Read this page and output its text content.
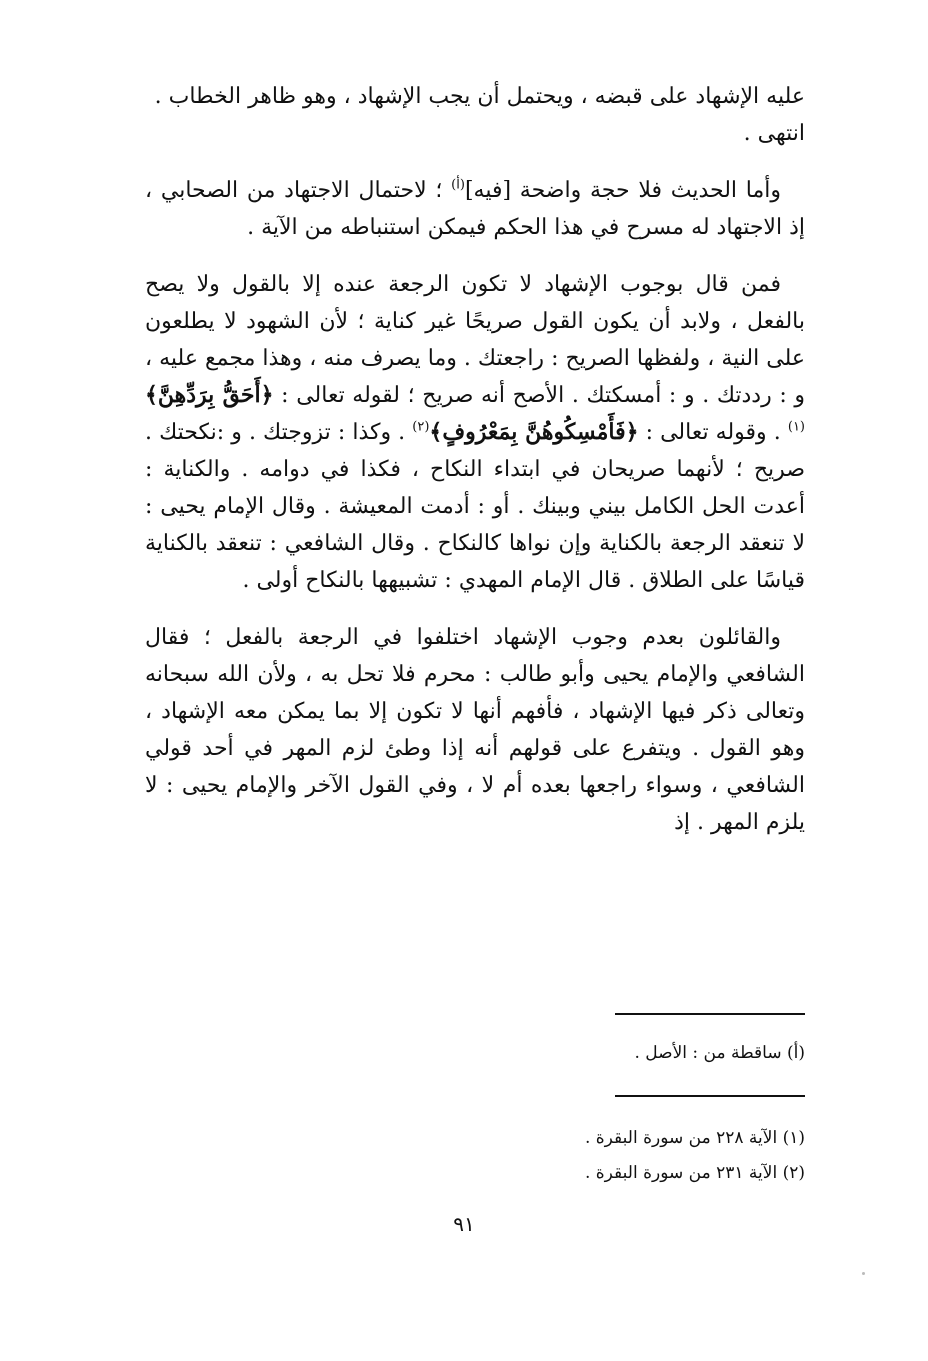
عليه الإشهاد على قبضه ، ويحتمل أن يجب الإشهاد ، وهو ظاهر الخطاب .
انتهى .

وأما الحديث فلا حجة واضحة [فيه]$^{(أ)}$ ؛ لاحتمال الاجتهاد من الصحابي ، إذ الاجتهاد له مسرح في هذا الحكم فيمكن استنباطه من الآية .

فمن قال بوجوب الإشهاد لا تكون الرجعة عنده إلا بالقول ولا يصح بالفعل ، ولابد أن يكون القول صريحًا غير كناية ؛ لأن الشهود لا يطلعون على النية ، ولفظها الصريح : راجعتك . وما يصرف منه ، وهذا مجمع عليه ، و : رددتك . و : أمسكتك . الأصح أنه صريح ؛ لقوله تعالى : ﴿أَحَقُّ بِرَدِّهِنَّ﴾$^{(١)}$ . وقوله تعالى : ﴿فَأَمْسِكُوهُنَّ بِمَعْرُوفٍ﴾$^{(٢)}$ . وكذا : تزوجتك . و :نكحتك . صريح ؛ لأنهما صريحان في ابتداء النكاح ، فكذا في دوامه . والكناية : أعدت الحل الكامل بيني وبينك . أو : أدمت المعيشة . وقال الإمام يحيى : لا تنعقد الرجعة بالكناية وإن نواها كالنكاح . وقال الشافعي : تنعقد بالكناية قياسًا على الطلاق . قال الإمام المهدي : تشبيهها بالنكاح أولى .

والقائلون بعدم وجوب الإشهاد اختلفوا في الرجعة بالفعل ؛ فقال الشافعي والإمام يحيى وأبو طالب : محرم فلا تحل به ، ولأن الله سبحانه وتعالى ذكر فيها الإشهاد ، فأفهم أنها لا تكون إلا بما يمكن معه الإشهاد ، وهو القول . ويتفرع على قولهم أنه إذا وطئ لزم المهر في أحد قولي الشافعي ، وسواء راجعها بعده أم لا ، وفي القول الآخر والإمام يحيى : لا يلزم المهر . إذ

(أ) ساقطة من : الأصل .
(١) الآية ٢٢٨ من سورة البقرة .
(٢) الآية ٢٣١ من سورة البقرة .
٩١
